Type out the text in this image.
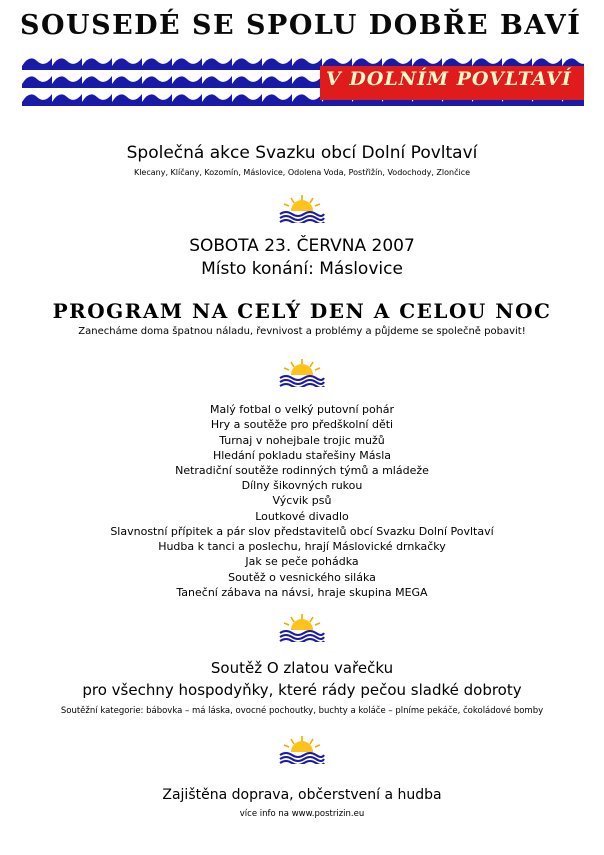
SOUSEDÉ SE SPOLU DOBŘE BAVÍ
V DOLNÍM POVLTAVÍ
Společná akce Svazku obcí Dolní Povltaví
Klecany, Klíčany, Kozomín, Máslovice, Odolena Voda, Postřižín, Vodochody, Zlončice
SOBOTA 23. ČERVNA 2007
Místo konání: Máslovice
PROGRAM NA CELÝ DEN A CELOU NOC
Zanecháme doma špatnou náladu, řevnivost a problémy a půjdeme se společně pobavit!
Malý fotbal o velký putovní pohár
Hry a soutěže pro předškolní děti
Turnaj v nohejbale trojic mužů
Hledání pokladu stařešiny Másla
Netradiční soutěže rodinných týmů a mládeže
Dílny šikovných rukou
Výcvik psů
Loutkové divadlo
Slavnostní přípitek a pár slov představitelů obcí Svazku Dolní Povltaví
Hudba k tanci a poslechu, hrají Máslovické drnkačky
Jak se peče pohádka
Soutěž o vesnického siláka
Taneční zábava na návsi, hraje skupina MEGA
Soutěž O zlatou vařečku
pro všechny hospodyňky, které rády pečou sladké dobroty
Soutěžní kategorie: bábovka – má láska, ovocné pochoutky, buchty a koláče – plníme pekáče, čokoládové bomby
Zajištěna doprava, občerstvení a hudba
více info na www.postrizin.eu
